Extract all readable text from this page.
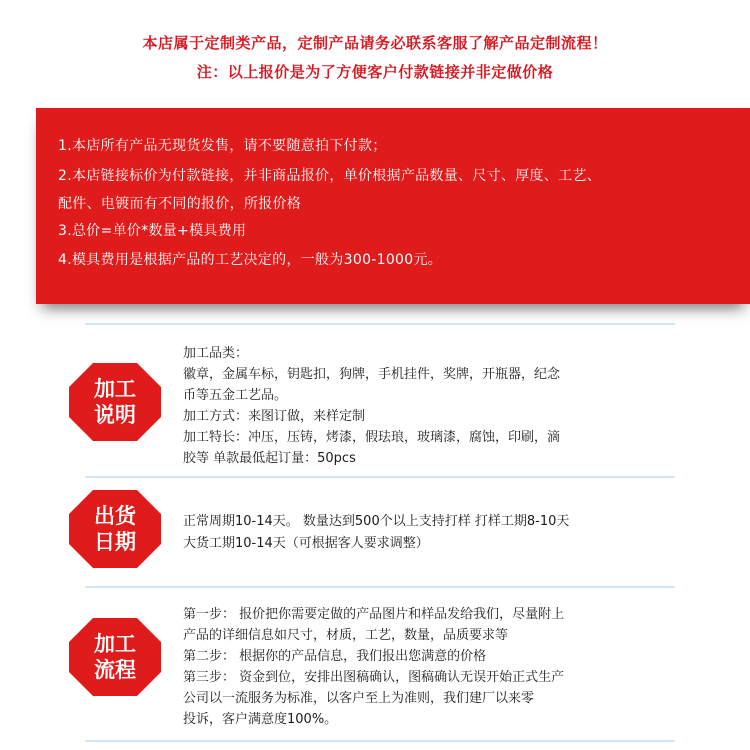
本店属于定制类产品，定制产品请务必联系客服了解产品定制流程！
注：以上报价是为了方便客户付款链接并非定做价格
1.本店所有产品无现货发售，请不要随意拍下付款；
2.本店链接标价为付款链接，并非商品报价，单价根据产品数量、尺寸、厚度、工艺、
配件、电镀而有不同的报价，所报价格
3.总价=单价*数量+模具费用
4.模具费用是根据产品的工艺决定的，一般为300-1000元。
加工
说明
加工品类：
徽章，金属车标，钥匙扣，狗牌，手机挂件，奖牌，开瓶器，纪念
币等五金工艺品。
加工方式：来图订做，来样定制
加工特长：冲压，压铸，烤漆，假珐琅，玻璃漆，腐蚀，印刷，滴
胶等 单款最低起订量：50pcs
出货
日期
正常周期10-14天。 数量达到500个以上支持打样 打样工期8-10天
大货工期10-14天（可根据客人要求调整）
加工
流程
第一步： 报价把你需要定做的产品图片和样品发给我们，尽量附上
产品的详细信息如尺寸，材质，工艺，数量，品质要求等
第二步： 根据你的产品信息，我们报出您满意的价格
第三步： 资金到位，安排出图稿确认，图稿确认无误开始正式生产
公司以一流服务为标准，以客户至上为准则，我们建厂以来零
投诉，客户满意度100%。
